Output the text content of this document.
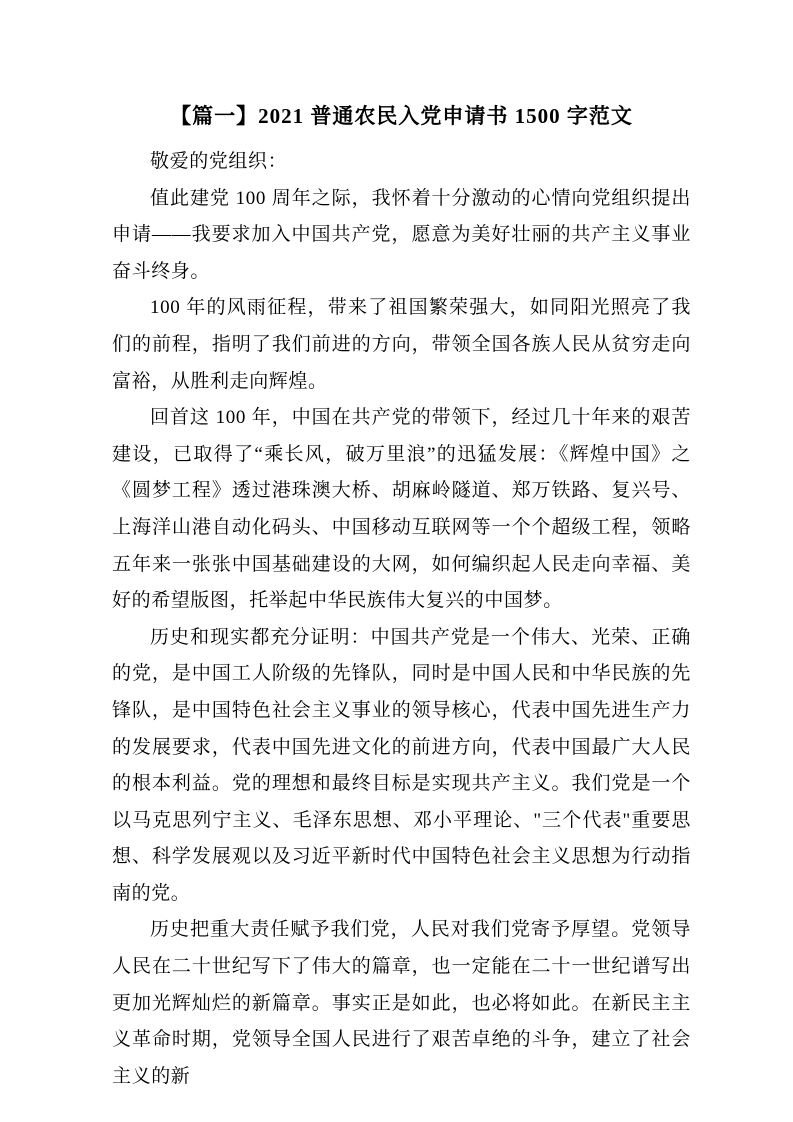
【篇一】2021 普通农民入党申请书 1500 字范文

敬爱的党组织：

值此建党 100 周年之际，我怀着十分激动的心情向党组织提出申请——我要求加入中国共产党，愿意为美好壮丽的共产主义事业奋斗终身。

100 年的风雨征程，带来了祖国繁荣强大，如同阳光照亮了我们的前程，指明了我们前进的方向，带领全国各族人民从贫穷走向富裕，从胜利走向辉煌。

回首这 100 年，中国在共产党的带领下，经过几十年来的艰苦建设，已取得了“乘长风，破万里浪”的迅猛发展：《辉煌中国》之《圆梦工程》透过港珠澳大桥、胡麻岭隧道、郑万铁路、复兴号、上海洋山港自动化码头、中国移动互联网等一个个超级工程，领略五年来一张张中国基础建设的大网，如何编织起人民走向幸福、美好的希望版图，托举起中华民族伟大复兴的中国梦。

历史和现实都充分证明：中国共产党是一个伟大、光荣、正确的党，是中国工人阶级的先锋队，同时是中国人民和中华民族的先锋队，是中国特色社会主义事业的领导核心，代表中国先进生产力的发展要求，代表中国先进文化的前进方向，代表中国最广大人民的根本利益。党的理想和最终目标是实现共产主义。我们党是一个以马克思列宁主义、毛泽东思想、邓小平理论、"三个代表"重要思想、科学发展观以及习近平新时代中国特色社会主义思想为行动指南的党。

历史把重大责任赋予我们党，人民对我们党寄予厚望。党领导人民在二十世纪写下了伟大的篇章，也一定能在二十一世纪谱写出更加光辉灿烂的新篇章。事实正是如此，也必将如此。在新民主主义革命时期，党领导全国人民进行了艰苦卓绝的斗争，建立了社会主义的新
